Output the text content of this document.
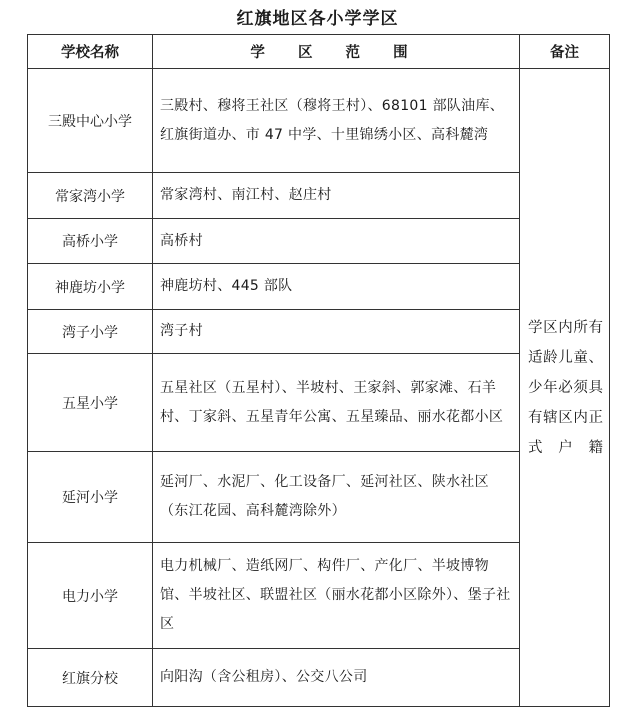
红旗地区各小学学区
学校名称	学 区 范 围	备注
三殿中心小学	三殿村、穆将王社区（穆将王村）、68101 部队油库、红旗街道办、市 47 中学、十里锦绣小区、高科麓湾	学区内所有适龄儿童、少年必须具有辖区内正式户籍

常家湾小学	常家湾村、南江村、赵庄村	
高桥小学	高桥村	
神鹿坊小学	神鹿坊村、445 部队	
湾子小学	湾子村	
五星小学	五星社区（五星村）、半坡村、王家斜、郭家滩、石羊村、丁家斜、五星青年公寓、五星臻品、丽水花都小区	
延河小学	延河厂、水泥厂、化工设备厂、延河社区、陕水社区（东江花园、高科麓湾除外）	
电力小学	电力机械厂、造纸网厂、构件厂、产化厂、半坡博物馆、半坡社区、联盟社区（丽水花都小区除外）、堡子社区	
红旗分校	向阳沟（含公租房）、公交八公司	
